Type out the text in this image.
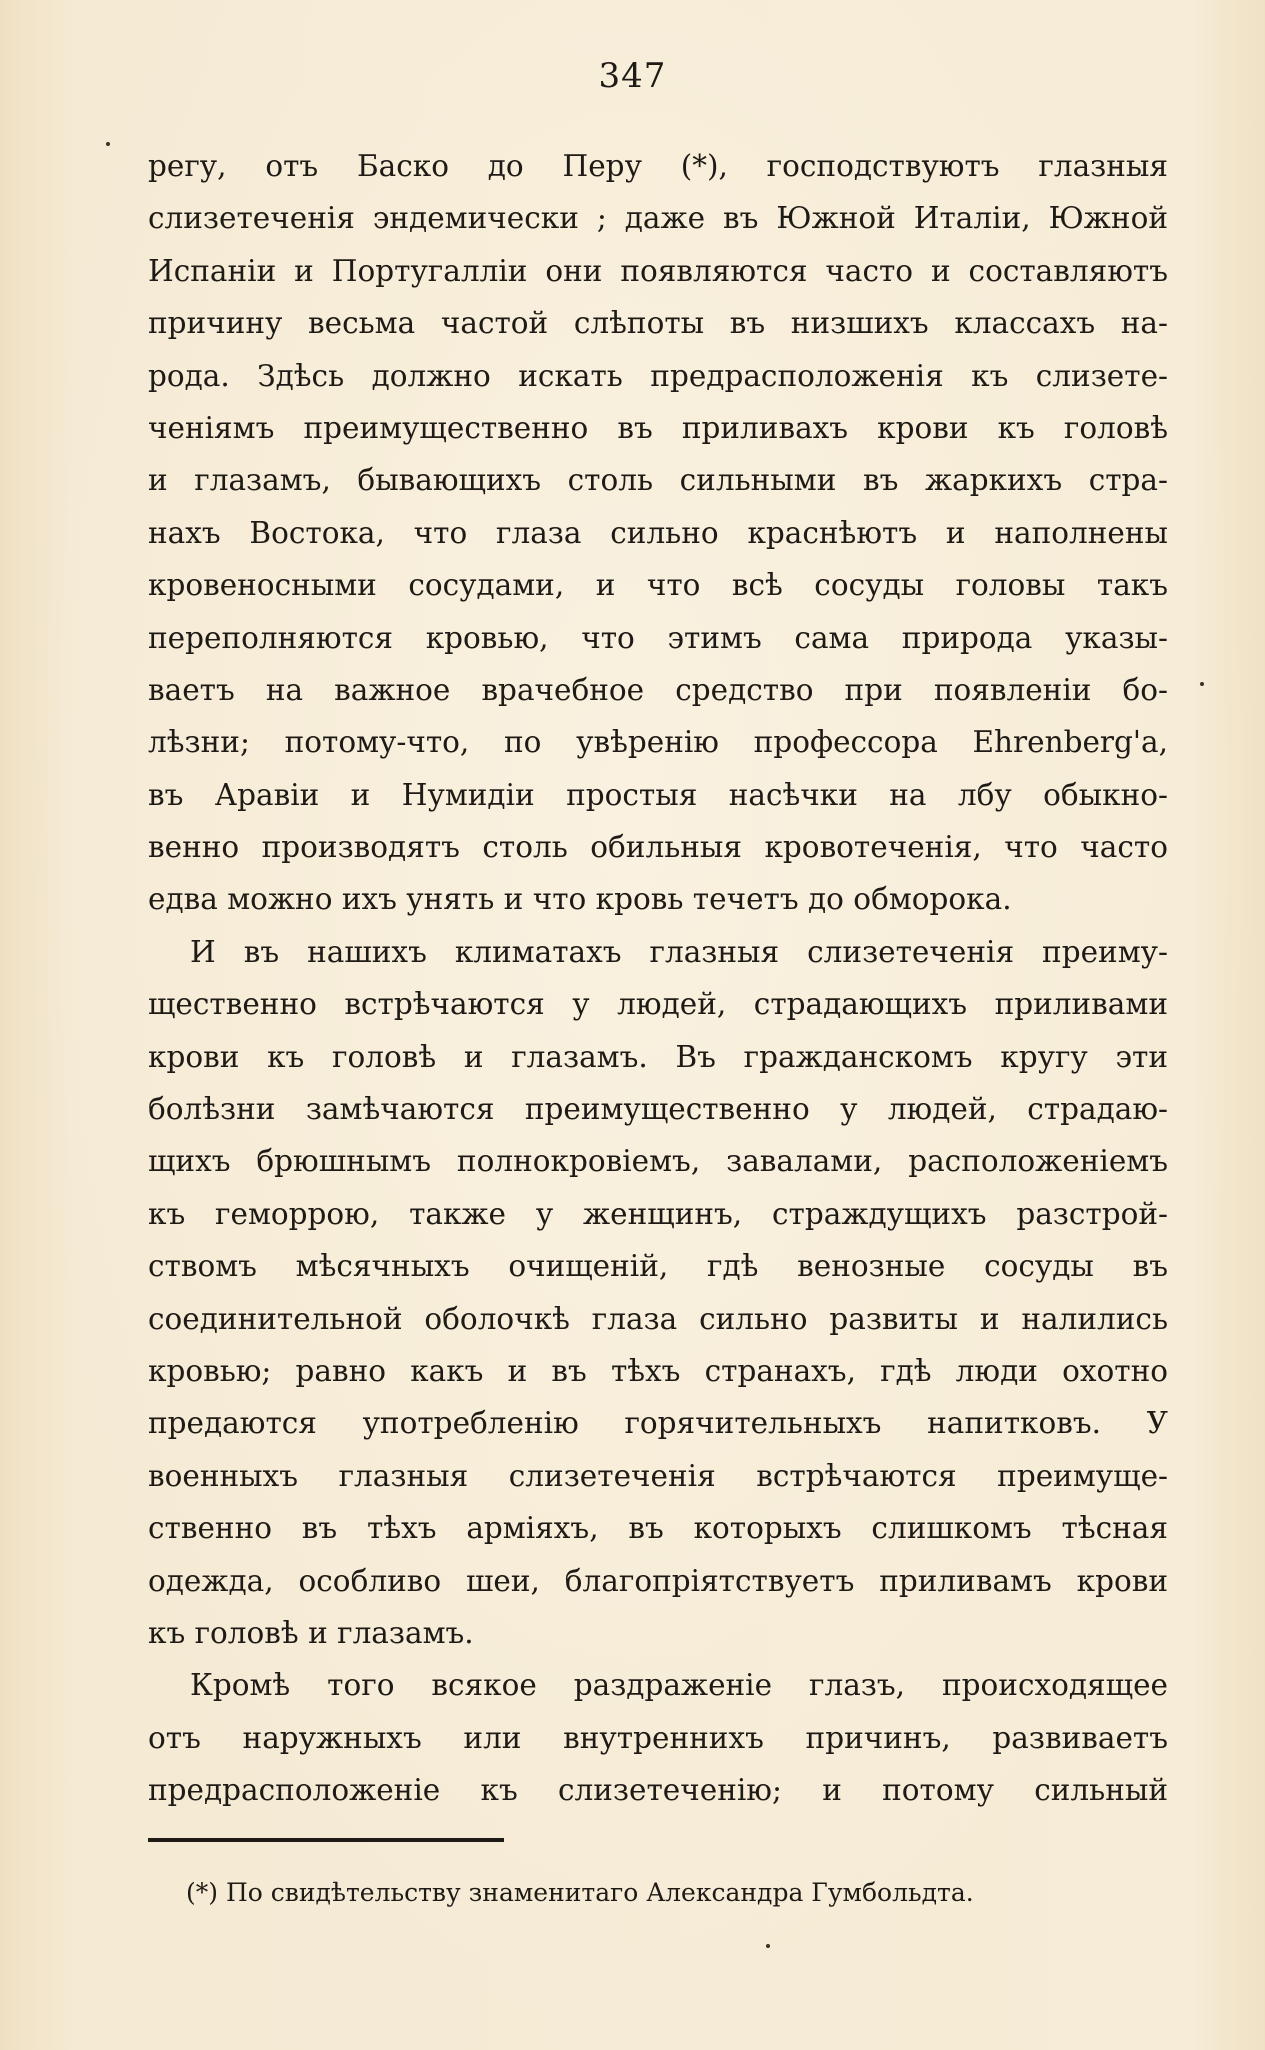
347
регу, отъ Баско до Перу (*), господствуютъ глазныя
слизетеченія эндемически ; даже въ Южной Италіи, Южной
Испаніи и Португалліи они появляются часто и составляютъ
причину весьма частой слѣпоты въ низшихъ классахъ на-
рода. Здѣсь должно искать предрасположенія къ слизете-
ченіямъ преимущественно въ приливахъ крови къ головѣ
и глазамъ, бывающихъ столь сильными въ жаркихъ стра-
нахъ Востока, что глаза сильно краснѣютъ и наполнены
кровеносными сосудами, и что всѣ сосуды головы такъ
переполняются кровью, что этимъ сама природа указы-
ваетъ на важное врачебное средство при появленіи бо-
лѣзни; потому-что, по увѣренію профессора Ehrenberg'а,
въ Аравіи и Нумидіи простыя насѣчки на лбу обыкно-
венно производятъ столь обильныя кровотеченія, что часто
едва можно ихъ унять и что кровь течетъ до обморока.
И въ нашихъ климатахъ глазныя слизетеченія преиму-
щественно встрѣчаются у людей, страдающихъ приливами
крови къ головѣ и глазамъ. Въ гражданскомъ кругу эти
болѣзни замѣчаются преимущественно у людей, страдаю-
щихъ брюшнымъ полнокровіемъ, завалами, расположеніемъ
къ геморрою, также у женщинъ, страждущихъ разстрой-
ствомъ мѣсячныхъ очищеній, гдѣ венозные сосуды въ
соединительной оболочкѣ глаза сильно развиты и налились
кровью; равно какъ и въ тѣхъ странахъ, гдѣ люди охотно
предаются употребленію горячительныхъ напитковъ. У
военныхъ глазныя слизетеченія встрѣчаются преимуще-
ственно въ тѣхъ арміяхъ, въ которыхъ слишкомъ тѣсная
одежда, особливо шеи, благопріятствуетъ приливамъ крови
къ головѣ и глазамъ.
Кромѣ того всякое раздраженіе глазъ, происходящее
отъ наружныхъ или внутреннихъ причинъ, развиваетъ
предрасположеніе къ слизетеченію; и потому сильный
(*) По свидѣтельству знаменитаго Александра Гумбольдта.
